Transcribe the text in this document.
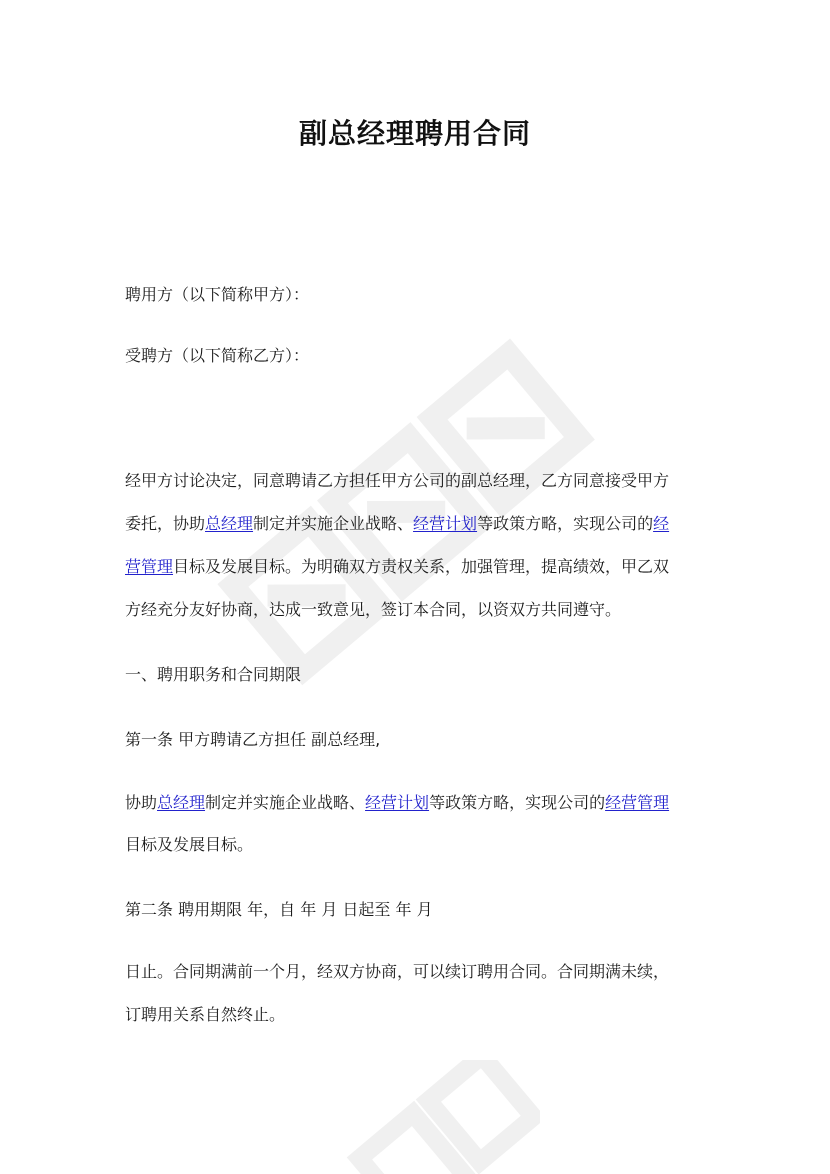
副总经理聘用合同
聘用方（以下简称甲方）：
受聘方（以下简称乙方）：
经甲方讨论决定，同意聘请乙方担任甲方公司的副总经理，乙方同意接受甲方
委托，协助总经理制定并实施企业战略、经营计划等政策方略，实现公司的经
营管理目标及发展目标。为明确双方责权关系，加强管理，提高绩效，甲乙双
方经充分友好协商，达成一致意见，签订本合同，以资双方共同遵守。
一、聘用职务和合同期限
第一条 甲方聘请乙方担任 副总经理,
协助总经理制定并实施企业战略、经营计划等政策方略，实现公司的经营管理
目标及发展目标。
第二条 聘用期限 年，自 年 月 日起至 年 月
日止。合同期满前一个月，经双方协商，可以续订聘用合同。合同期满未续，
订聘用关系自然终止。
